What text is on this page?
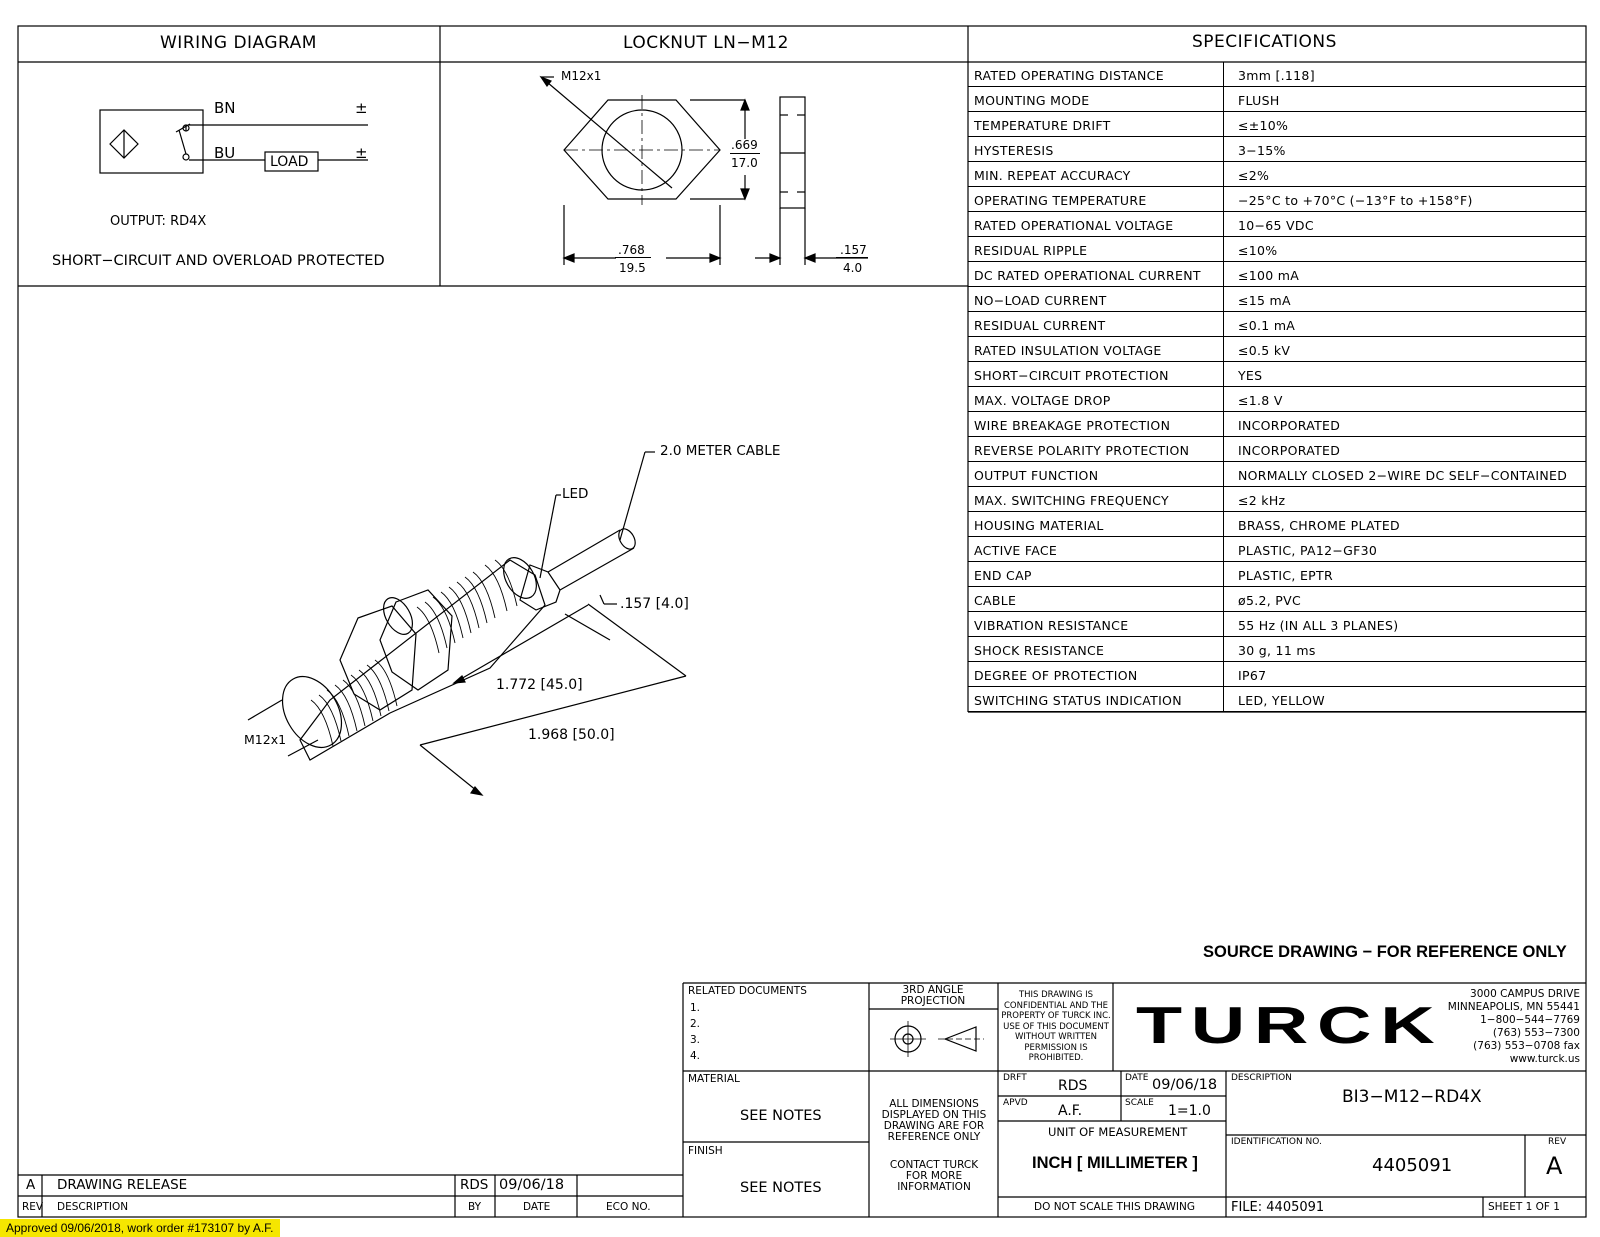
WIRING DIAGRAM	LOCKNUT LN−M12	SPECIFICATIONS
BN
BU
±
±
LOAD
OUTPUT: RD4X
SHORT−CIRCUIT AND OVERLOAD PROTECTED
M12x1
.669
17.0
.768
19.5
.157
4.0
RATED OPERATING DISTANCE	3mm [.118]
MOUNTING MODE	FLUSH
TEMPERATURE DRIFT	≤±10%
HYSTERESIS	3−15%
MIN. REPEAT ACCURACY	≤2%
OPERATING TEMPERATURE	−25°C to +70°C (−13°F to +158°F)
RATED OPERATIONAL VOLTAGE	10−65 VDC
RESIDUAL RIPPLE	≤10%
DC RATED OPERATIONAL CURRENT	≤100 mA
NO−LOAD CURRENT	≤15 mA
RESIDUAL CURRENT	≤0.1 mA
RATED INSULATION VOLTAGE	≤0.5 kV
SHORT−CIRCUIT PROTECTION	YES
MAX. VOLTAGE DROP	≤1.8 V
WIRE BREAKAGE PROTECTION	INCORPORATED
REVERSE POLARITY PROTECTION	INCORPORATED
OUTPUT FUNCTION	NORMALLY CLOSED 2−WIRE DC SELF−CONTAINED
MAX. SWITCHING FREQUENCY	≤2 kHz
HOUSING MATERIAL	BRASS, CHROME PLATED
ACTIVE FACE	PLASTIC, PA12−GF30
END CAP	PLASTIC, EPTR
CABLE	ø5.2, PVC
VIBRATION RESISTANCE	55 Hz (IN ALL 3 PLANES)
SHOCK RESISTANCE	30 g, 11 ms
DEGREE OF PROTECTION	IP67
SWITCHING STATUS INDICATION	LED, YELLOW
2.0 METER CABLE
LED
.157 [4.0]
1.772 [45.0]
1.968 [50.0]
M12x1
SOURCE DRAWING − FOR REFERENCE ONLY
RELATED DOCUMENTS
1.
2.
3.
4.
3RD ANGLE PROJECTION	THIS DRAWING IS CONFIDENTIAL AND THE PROPERTY OF TURCK INC. USE OF THIS DOCUMENT WITHOUT WRITTEN PERMISSION IS PROHIBITED.
TURCK
3000 CAMPUS DRIVE
MINNEAPOLIS, MN 55441
1−800−544−7769
(763) 553−7300
(763) 553−0708 fax
www.turck.us
MATERIAL
SEE NOTES
FINISH
SEE NOTES
ALL DIMENSIONS DISPLAYED ON THIS DRAWING ARE FOR REFERENCE ONLY
CONTACT TURCK FOR MORE INFORMATION
DRFT RDS	DATE 09/06/18
APVD A.F.	SCALE 1=1.0
UNIT OF MEASUREMENT
INCH [ MILLIMETER ]
DO NOT SCALE THIS DRAWING
DESCRIPTION
BI3−M12−RD4X
IDENTIFICATION NO.
4405091
REV
A
FILE: 4405091	SHEET 1 OF 1
A DRAWING RELEASE	RDS 09/06/18
REV DESCRIPTION	BY	DATE	ECO NO.
Approved 09/06/2018, work order #173107 by A.F.
